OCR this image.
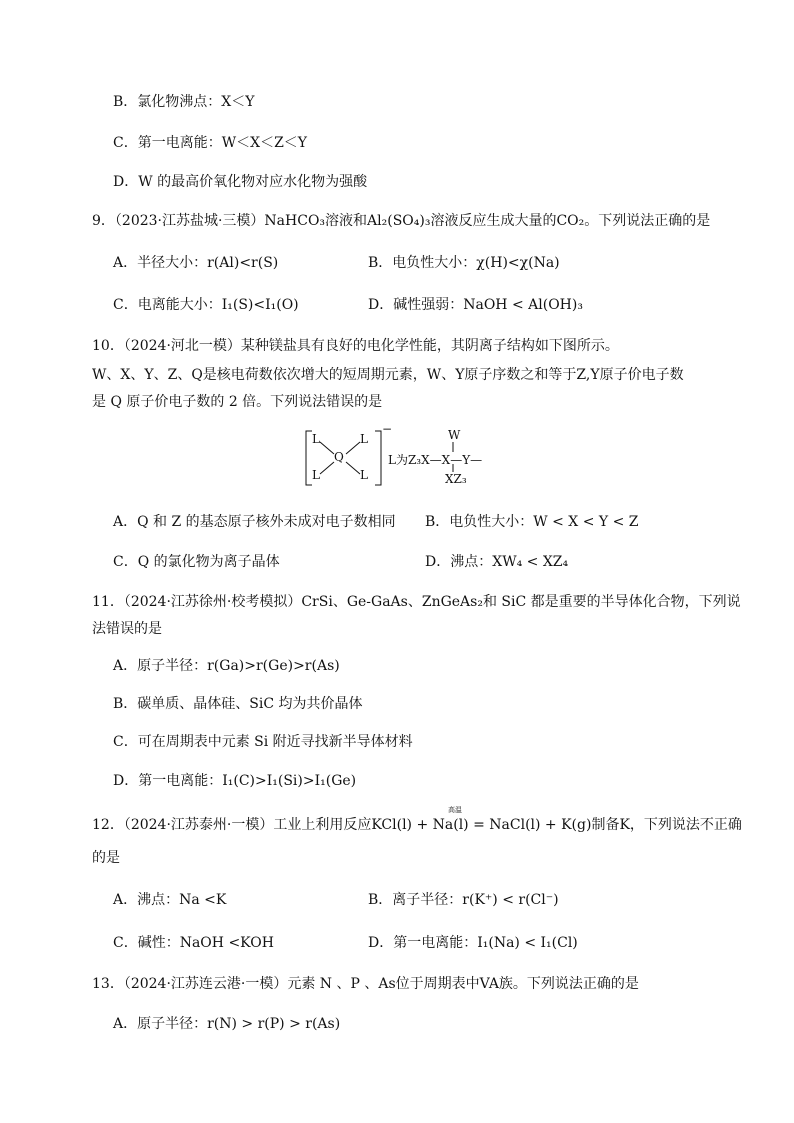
B．氯化物沸点：X＜Y
C．第一电离能：W＜X＜Z＜Y
D．W 的最高价氧化物对应水化物为强酸
9．（2023·江苏盐城·三模）NaHCO₃溶液和Al₂(SO₄)₃溶液反应生成大量的CO₂。下列说法正确的是
A．半径大小：r(Al)<r(S)	B．电负性大小：χ(H)<χ(Na)
C．电离能大小：I₁(S)<I₁(O)	D．碱性强弱：NaOH < Al(OH)₃
10．（2024·河北一模）某种镁盐具有良好的电化学性能，其阴离子结构如下图所示。
W、X、Y、Z、Q是核电荷数依次增大的短周期元素，W、Y原子序数之和等于Z,Y原子价电子数
是 Q 原子价电子数的 2 倍。下列说法错误的是
L	L
L	L
Q
−	W
L为Z₃X—X—Y—
XZ₃
A．Q 和 Z 的基态原子核外未成对电子数相同 B．电负性大小：W < X < Y < Z
C．Q 的氯化物为离子晶体	D．沸点：XW₄ < XZ₄
11．（2024·江苏徐州·校考模拟）CrSi、Ge-GaAs、ZnGeAs₂和 SiC 都是重要的半导体化合物，下列说
法错误的是
A．原子半径：r(Ga)>r(Ge)>r(As)
B．碳单质、晶体硅、SiC 均为共价晶体
C．可在周期表中元素 Si 附近寻找新半导体材料
D．第一电离能：I₁(C)>I₁(Si)>I₁(Ge)
高温
12．（2024·江苏泰州·一模）工业上利用反应KCl(l) + Na(l) = NaCl(l) + K(g)制备K，下列说法不正确
的是
A．沸点：Na <K	B．离子半径：r(K⁺) < r(Cl⁻)
C．碱性：NaOH <KOH	D．第一电离能：I₁(Na) < I₁(Cl)
13．（2024·江苏连云港·一模）元素 N 、P 、As位于周期表中VA族。下列说法正确的是
A．原子半径：r(N) > r(P) > r(As)
